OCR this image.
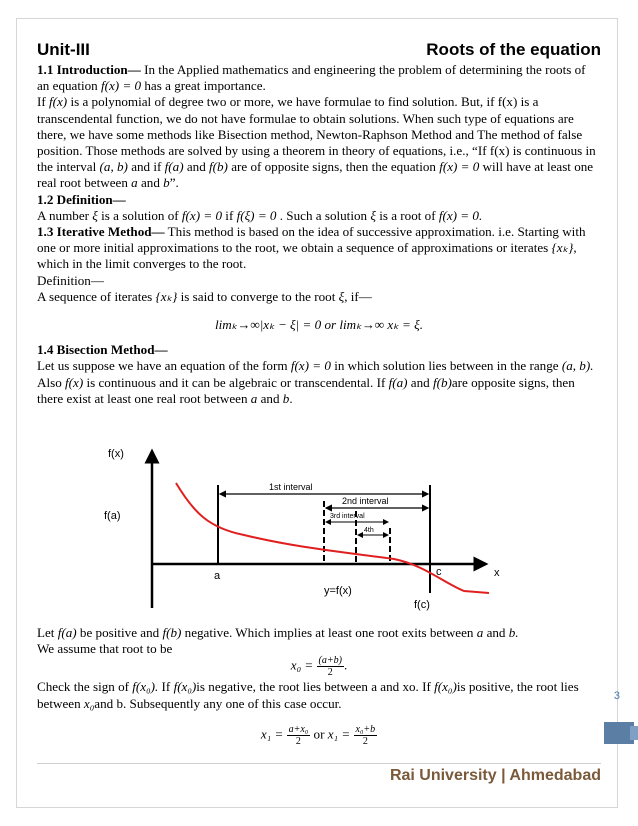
Unit-III	Roots of the equation

1.1 Introduction— In the Applied mathematics and engineering the problem of determining the roots of an equation f(x) = 0 has a great importance.

If f(x) is a polynomial of degree two or more, we have formulae to find solution. But, if f(x) is a transcendental function, we do not have formulae to obtain solutions. When such type of equations are there, we have some methods like Bisection method, Newton-Raphson Method and The method of false position. Those methods are solved by using a theorem in theory of equations, i.e., “If f(x) is continuous in the interval (a, b) and if f(a) and f(b) are of opposite signs, then the equation f(x) = 0 will have at least one real root between a and b”.

1.2 Definition—

A number ξ is a solution of f(x) = 0 if f(ξ) = 0 . Such a solution ξ is a root of f(x) = 0.

1.3 Iterative Method— This method is based on the idea of successive approximation. i.e. Starting with one or more initial approximations to the root, we obtain a sequence of approximations or iterates {xₖ}, which in the limit converges to the root.

Definition—

A sequence of iterates {xₖ} is said to converge to the root ξ, if—

limₖ→∞|xₖ − ξ| = 0 or limₖ→∞ xₖ = ξ.

1.4 Bisection Method—

Let us suppose we have an equation of the form f(x) = 0 in which solution lies between in the range (a, b).

Also f(x) is continuous and it can be algebraic or transcendental. If f(a) and f(b)are opposite signs, then there exist at least one real root between a and b.

f(x)
f(a)
a	c	x
f(c)
y=f(x)
1st interval
2nd interval
3rd interval
4th

Let f(a) be positive and f(b) negative. Which implies at least one root exits between a and b.

We assume that root to be

$x_0 = \frac{(a+b)}{2}$ .

Check the sign of f(x₀). If f(x₀)is negative, the root lies between a and xo. If f(x₀)is positive, the root lies between x₀and b. Subsequently any one of this case occur.

$x_1 = \frac{\text{a+x₀}}{2}$ or $x_1 = \frac{\text{x₀+b}}{2}$

3
Rai University | Ahmedabad
